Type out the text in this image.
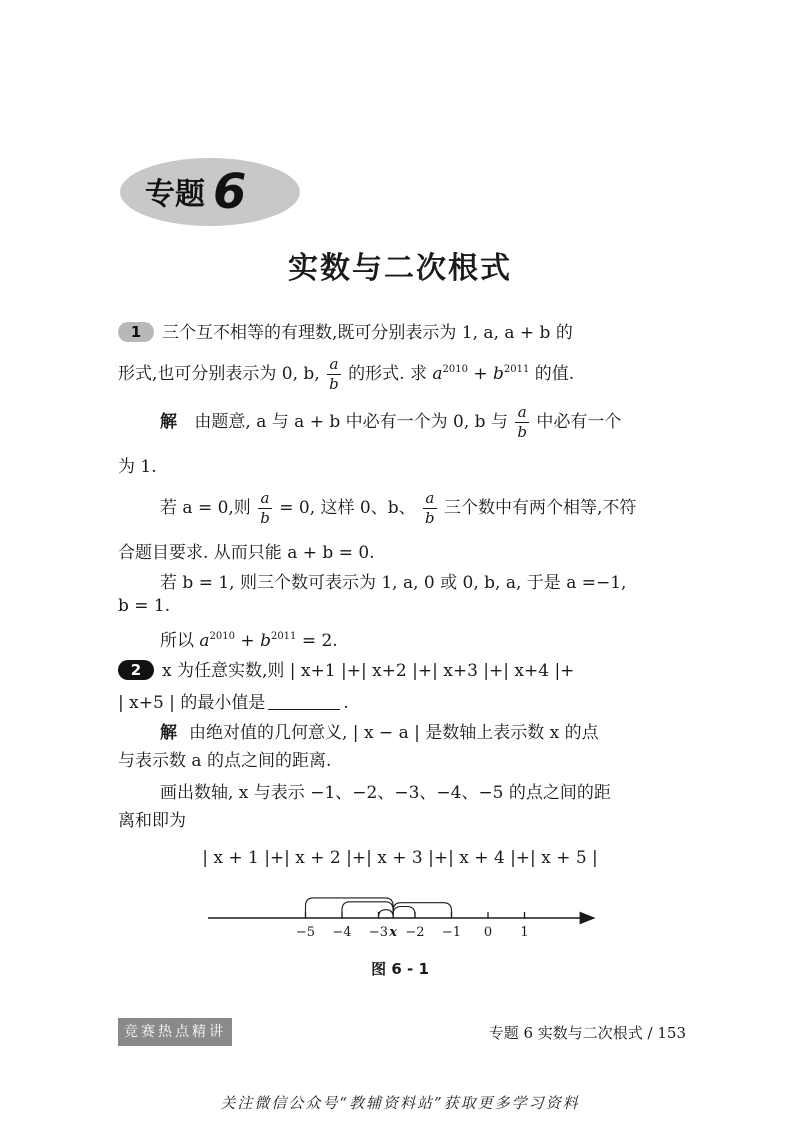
专题 6
实数与二次根式
1 三个互不相等的有理数,既可分别表示为 1, a, a + b 的
形式,也可分别表示为 0, b, $\frac{a}{b}$ 的形式. 求 $a^{2010} + b^{2011}$ 的值.
解 由题意, a 与 a + b 中必有一个为 0, b 与 $\frac{a}{b}$ 中必有一个
为 1.
若 a = 0,则 $\frac{a}{b} = 0$, 这样 0、b、 $\frac{a}{b}$ 三个数中有两个相等,不符
合题目要求. 从而只能 a + b = 0.
若 b = 1, 则三个数可表示为 1, a, 0 或 0, b, a, 于是 a =−1,
b = 1.
所以 $a^{2010} + b^{2011} = 2$.
2 x 为任意实数,则 | x+1 |+| x+2 |+| x+3 |+| x+4 |+
| x+5 | 的最小值是	.
解 由绝对值的几何意义, | x − a | 是数轴上表示数 x 的点
与表示数 a 的点之间的距离.
画出数轴, x 与表示 −1、−2、−3、−4、−5 的点之间的距
离和即为
| x + 1 |+| x + 2 |+| x + 3 |+| x + 4 |+| x + 5 |
−5 −4 −3 −2 −1 0 1
x
图 6 - 1
竞赛热点精讲	专题 6 实数与二次根式 / 153
关注微信公众号“教辅资料站”获取更多学习资料
